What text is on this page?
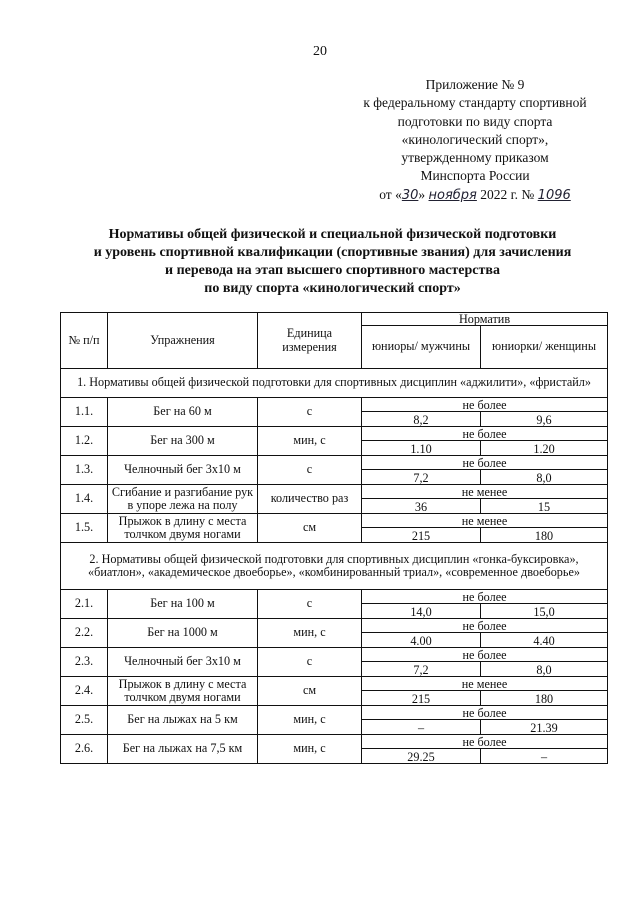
20
Приложение № 9
к федеральному стандарту спортивной
подготовки по виду спорта
«кинологический спорт»,
утвержденному приказом
Минспорта России
от «30» ноября 2022 г. № 1096
Нормативы общей физической и специальной физической подготовки
и уровень спортивной квалификации (спортивные звания) для зачисления
и перевода на этап высшего спортивного мастерства
по виду спорта «кинологический спорт»
№ п/п	Упражнения	Единица измерения	Норматив	
			юниоры/ мужчины	юниорки/ женщины
1. Нормативы общей физической подготовки для спортивных дисциплин «аджилити», «фристайл»				
1.1.	Бег на 60 м	с	не более	
			8,2	9,6
1.2.	Бег на 300 м	мин, с	не более	
			1.10	1.20
1.3.	Челночный бег 3х10 м	с	не более	
			7,2	8,0
1.4.	Сгибание и разгибание рук в упоре лежа на полу	количество раз	не менее	
			36	15
1.5.	Прыжок в длину с места толчком двумя ногами	см	не менее	
			215	180
2. Нормативы общей физической подготовки для спортивных дисциплин «гонка-буксировка», «биатлон», «академическое двоеборье», «комбинированный триал», «современное двоеборье»				
2.1.	Бег на 100 м	с	не более	
			14,0	15,0
2.2.	Бег на 1000 м	мин, с	не более	
			4.00	4.40
2.3.	Челночный бег 3х10 м	с	не более	
			7,2	8,0
2.4.	Прыжок в длину с места толчком двумя ногами	см	не менее	
			215	180
2.5.	Бег на лыжах на 5 км	мин, с	не более	
			–	21.39
2.6.	Бег на лыжах на 7,5 км	мин, с	не более	
			29.25	–
